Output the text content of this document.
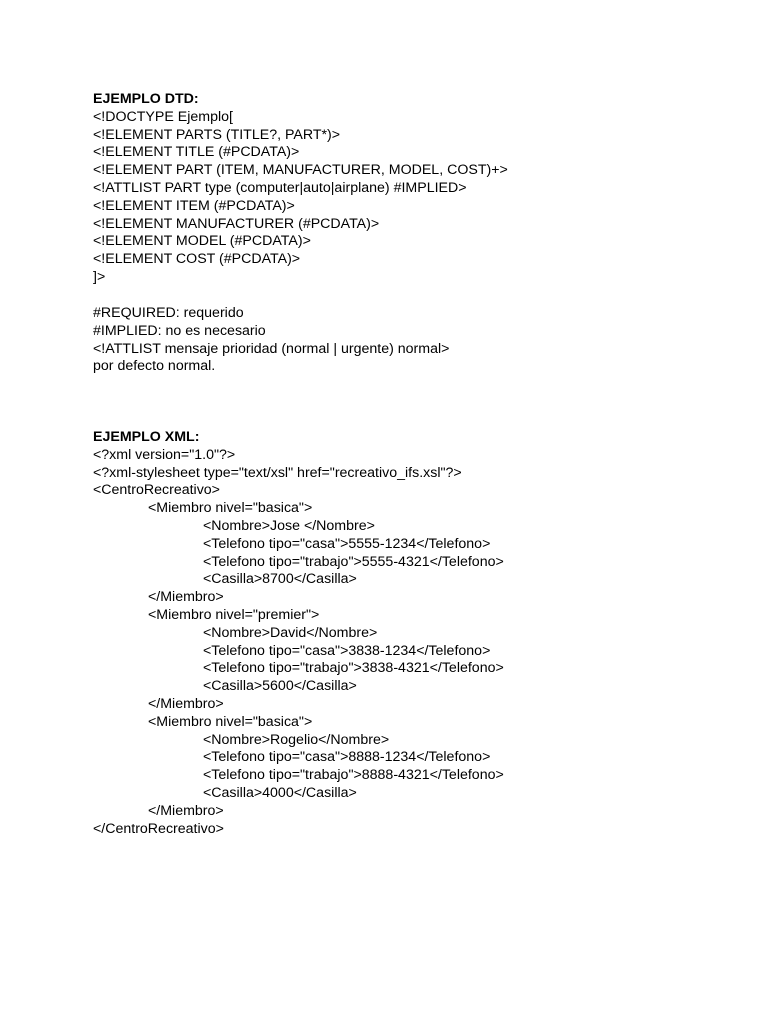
EJEMPLO DTD:
<!DOCTYPE Ejemplo[
<!ELEMENT PARTS (TITLE?, PART*)>
<!ELEMENT TITLE (#PCDATA)>
<!ELEMENT PART (ITEM, MANUFACTURER, MODEL, COST)+>
<!ATTLIST PART type (computer|auto|airplane) #IMPLIED>
<!ELEMENT ITEM (#PCDATA)>
<!ELEMENT MANUFACTURER (#PCDATA)>
<!ELEMENT MODEL (#PCDATA)>
<!ELEMENT COST (#PCDATA)>
]>
#REQUIRED: requerido
#IMPLIED: no es necesario
<!ATTLIST mensaje prioridad (normal | urgente) normal>
por defecto normal.
EJEMPLO XML:
<?xml version="1.0"?>
<?xml-stylesheet type="text/xsl" href="recreativo_ifs.xsl"?>
<CentroRecreativo>
<Miembro nivel="basica">
<Nombre>Jose </Nombre>
<Telefono tipo="casa">5555-1234</Telefono>
<Telefono tipo="trabajo">5555-4321</Telefono>
<Casilla>8700</Casilla>
</Miembro>
<Miembro nivel="premier">
<Nombre>David</Nombre>
<Telefono tipo="casa">3838-1234</Telefono>
<Telefono tipo="trabajo">3838-4321</Telefono>
<Casilla>5600</Casilla>
</Miembro>
<Miembro nivel="basica">
<Nombre>Rogelio</Nombre>
<Telefono tipo="casa">8888-1234</Telefono>
<Telefono tipo="trabajo">8888-4321</Telefono>
<Casilla>4000</Casilla>
</Miembro>
</CentroRecreativo>
